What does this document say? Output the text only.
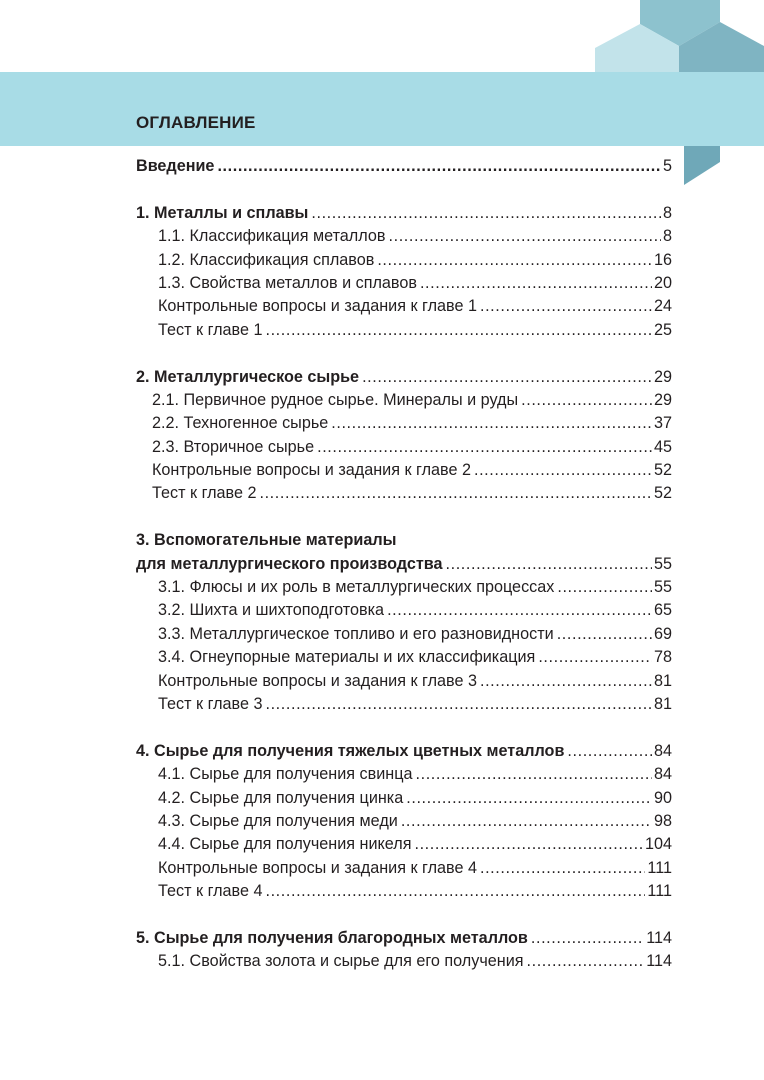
ОГЛАВЛЕНИЕ
Введение .....	5
1. Металлы и сплавы .....	8
1.1. Классификация металлов .....	8
1.2. Классификация сплавов .....	16
1.3. Свойства металлов и сплавов .....	20
Контрольные вопросы и задания к главе 1 .....	24
Тест к главе 1 .....	25
2. Металлургическое сырье .....	29
2.1. Первичное рудное сырье. Минералы и руды .....	29
2.2. Техногенное сырье .....	37
2.3. Вторичное сырье .....	45
Контрольные вопросы и задания к главе 2 .....	52
Тест к главе 2 .....	52
3. Вспомогательные материалы
для металлургического производства .....	55
3.1. Флюсы и их роль в металлургических процессах .....	55
3.2. Шихта и шихтоподготовка .....	65
3.3. Металлургическое топливо и его разновидности .....	69
3.4. Огнеупорные материалы и их классификация .....	78
Контрольные вопросы и задания к главе 3 .....	81
Тест к главе 3 .....	81
4. Сырье для получения тяжелых цветных металлов .....	84
4.1. Сырье для получения свинца .....	84
4.2. Сырье для получения цинка .....	90
4.3. Сырье для получения меди .....	98
4.4. Сырье для получения никеля .....	104
Контрольные вопросы и задания к главе 4 .....	111
Тест к главе 4 .....	111
5. Сырье для получения благородных металлов .....	114
5.1. Свойства золота и сырье для его получения .....	114
